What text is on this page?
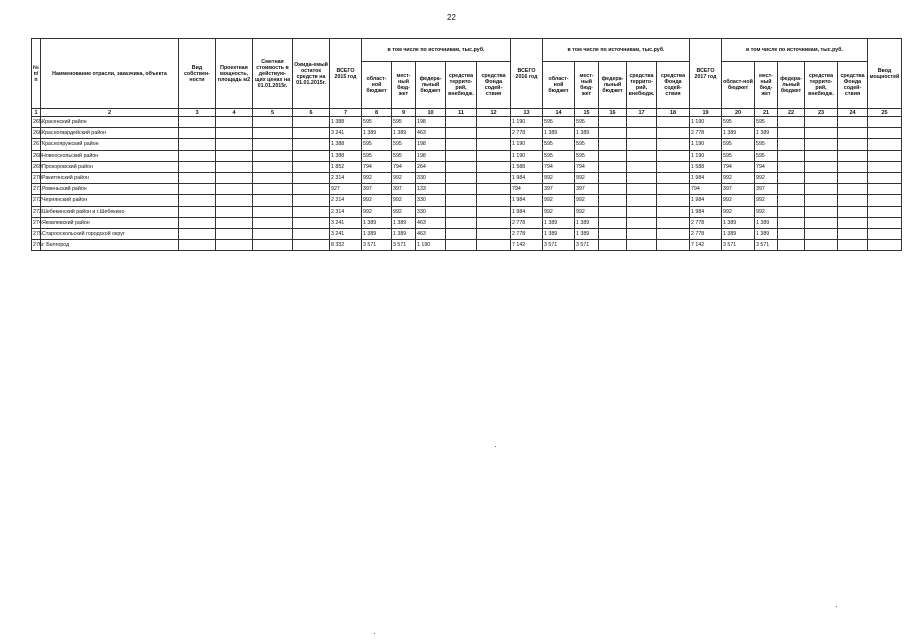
22
№ п/п	Наименование отрасли, заказчика, объекта	Вид собствен-ности	Проектная мощность, площадь м2	Сметная стоимость в действую-щих ценах на 01.01.2015г.	Ожида-емый остаток средств на 01.01.2015г.	ВСЕГО 2015 год	в том числе по источникам, тыс.руб.					ВСЕГО 2016 год	в том числе по источникам, тыс.руб.					ВСЕГО 2017 год	в том числе по источникам, тыс.руб.					Ввод мощностей
							област-ной бюджет	мест-ный бюд-жет	федера-льный бюджет	средства террито-рий, внебюдж.	средства Фонда содей-ствия		област-ной бюджет	мест-ный бюд-жет	федера-льный бюджет	средства террито-рий, внебюдж.	средства Фонда содей-ствия		област-ной бюджет	мест-ный бюд-жет	федера-льный бюджет	средства террито-рий, внебюдж.	средства Фонда содей-ствия	
1	2	3	4	5	6	7	8	9	10	11	12	13	14	15	16	17	18	19	20	21	22	23	24	25
265	Красенский район					1 388	595	595	198			1 190	595	595				1 190	595	595				
266	Красногвардейский район					3 241	1 389	1 389	463			2 778	1 389	1 389				2 778	1 389	1 389				
267	Краснояружский район					1 388	595	595	198			1 190	595	595				1 190	595	595				
268	Новооскольский район					1 388	595	595	198			1 190	595	595				1 190	595	595				
269	Прохоровский район					1 852	794	794	264			1 588	794	794				1 588	794	794				
270	Ракитянский район					2 314	992	992	330			1 984	992	992				1 984	992	992				
271	Ровеньский район					927	397	397	133			794	397	397				794	397	397				
272	Чернянский район					2 314	992	992	330			1 984	992	992				1 984	992	992				
273	Шебекинский район и г.Шебекино					2 314	992	992	330			1 984	992	992				1 984	992	992				
274	Яковлевский район					3 241	1 389	1 389	463			2 778	1 389	1 389				2 778	1 389	1 389				
275	Старооскольский городской округ					3 241	1 389	1 389	463			2 778	1 389	1 389				2 778	1 389	1 389				
276	г. Белгород					8 332	3 571	3 571	1 190			7 142	3 571	3 571				7 142	3 571	3 571				
